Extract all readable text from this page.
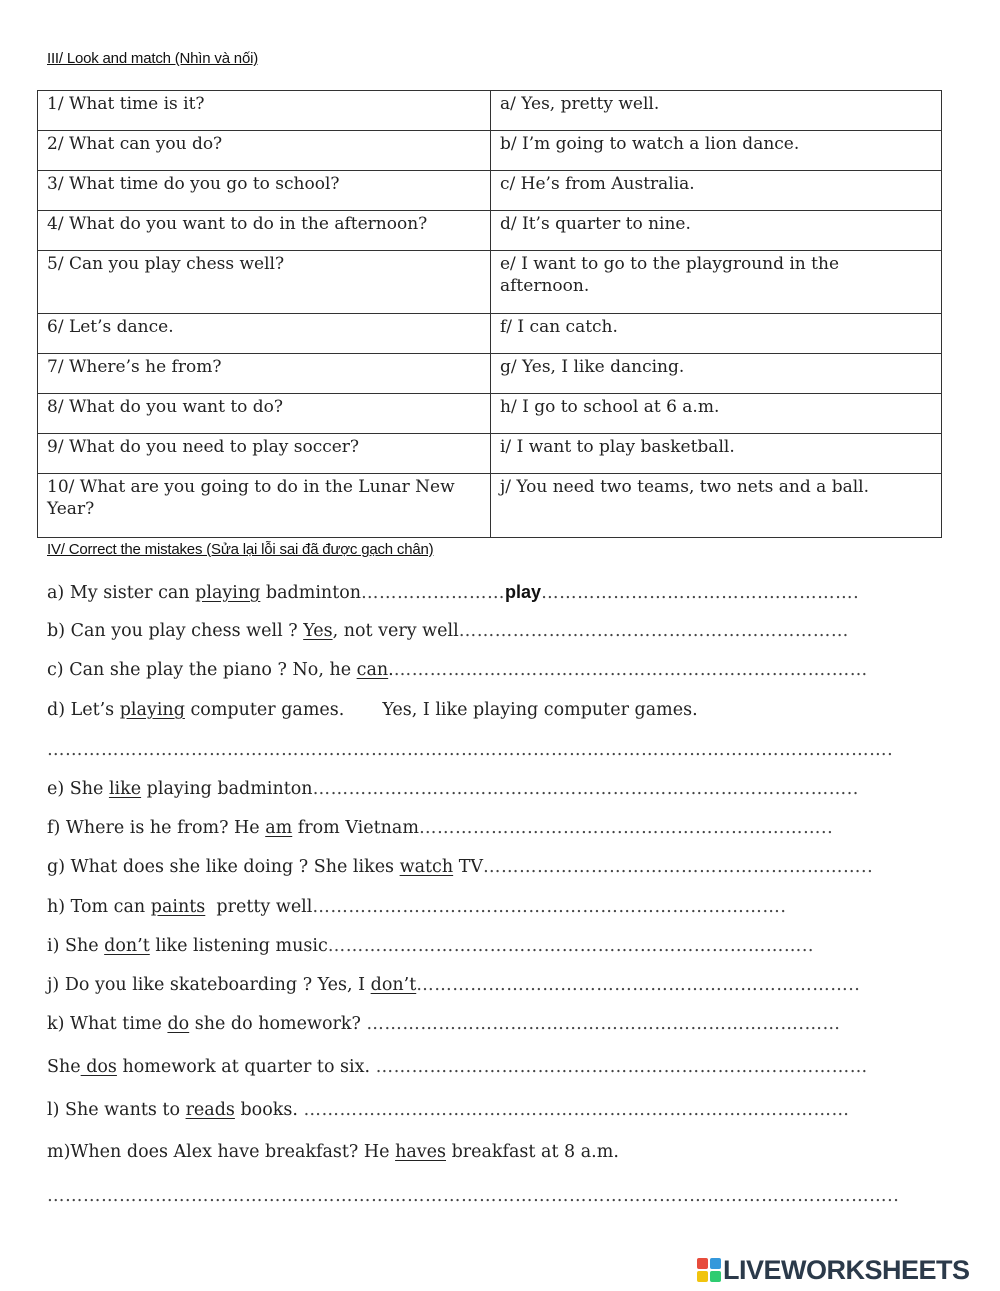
III/ Look and match (Nhìn và nối)
1/ What time is it?	a/ Yes, pretty well.
2/ What can you do?	b/ I’m going to watch a lion dance.
3/ What time do you go to school?	c/ He’s from Australia.
4/ What do you want to do in the afternoon?	d/ It’s quarter to nine.
5/ Can you play chess well?	e/ I want to go to the playground in the afternoon.
6/ Let’s dance.	f/ I can catch.
7/ Where’s he from?	g/ Yes, I like dancing.
8/ What do you want to do?	h/ I go to school at 6 a.m.
9/ What do you need to play soccer?	i/ I want to play basketball.
10/ What are you going to do in the Lunar New Year?	j/ You need two teams, two nets and a ball.
IV/ Correct the mistakes (Sửa lại lỗi sai đã được gạch chân)
a) My sister can playing badminton……………………play……………………………….…………….
b) Can you play chess well ? Yes, not very well…………………..……………………………………
c) Can she play the piano ? No, he can.……………………………………………………………….……
d) Let’s playing computer games. Yes, I like playing computer games.
……………………………………………………………………………………………..…………………………….
e) She like playing badminton…………………..…………………………………………………………..
f) Where is he from? He am from Vietnam…………………………….……………………………..
g) What does she like doing ? She likes watch TV………………………………………………………..
h) Tom can paints  pretty well…………………………………………………………………….
i) She don’t like listening music…………………………………………….………………………..
j) Do you like skateboarding ? Yes, I don’t………………………………………………………………..
k) What time do she do homework? ……………………………………………………………….……
She dos homework at quarter to six. ………………………………………………………….……………
l) She wants to reads books. ………………………………………………….……………………………
m)When does Alex have breakfast? He haves breakfast at 8 a.m.
……………………………………………………………………………………………..……………………………..
LIVEWORKSHEETS
